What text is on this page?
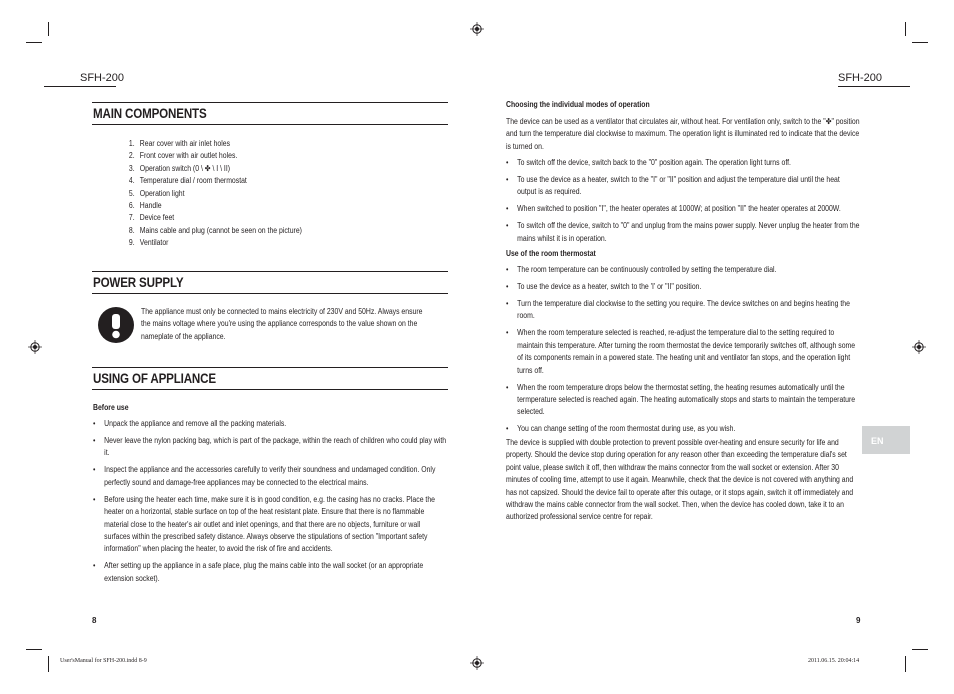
SFH-200	SFH-200
MAIN COMPONENTS
1. Rear cover with air inlet holes
2. Front cover with air outlet holes.
3. Operation switch (0 \ ✤ \ I \ II)
4. Temperature dial / room thermostat
5. Operation light
6. Handle
7. Device feet
8. Mains cable and plug (cannot be seen on the picture)
9. Ventilator
POWER SUPPLY
The appliance must only be connected to mains electricity of 230V and 50Hz. Always ensure the mains voltage where you're using the appliance corresponds to the value shown on the nameplate of the appliance.
USING OF APPLIANCE
Before use
• Unpack the appliance and remove all the packing materials.
• Never leave the nylon packing bag, which is part of the package, within the reach of children who could play with it.
• Inspect the appliance and the accessories carefully to verify their soundness and undamaged condition. Only perfectly sound and damage-free appliances may be connected to the electrical mains.
• Before using the heater each time, make sure it is in good condition, e.g. the casing has no cracks. Place the heater on a horizontal, stable surface on top of the heat resistant plate. Ensure that there is no flammable material close to the heater's air outlet and inlet openings, and that there are no objects, furniture or wall surfaces within the prescribed safety distance. Always observe the stipulations of section "Important safety information" when placing the heater, to avoid the risk of fire and accidents.
• After setting up the appliance in a safe place, plug the mains cable into the wall socket (or an appropriate extension socket).
8
Choosing the individual modes of operation
The device can be used as a ventilator that circulates air, without heat. For ventilation only, switch to the "✤" position and turn the temperature dial clockwise to maximum. The operation light is illuminated red to indicate that the device is turned on.
• To switch off the device, switch back to the "0" position again. The operation light turns off.
• To use the device as a heater, switch to the "I" or "II" position and adjust the temperature dial until the heat output is as required.
• When switched to position "I", the heater operates at 1000W; at position "II" the heater operates at 2000W.
• To switch off the device, switch to "0" and unplug from the mains power supply. Never unplug the heater from the mains whilst it is in operation.
Use of the room thermostat
• The room temperature can be continuously controlled by setting the temperature dial.
• To use the device as a heater, switch to the 'I' or "II" position.
• Turn the temperature dial clockwise to the setting you require. The device switches on and begins heating the room.
• When the room temperature selected is reached, re-adjust the temperature dial to the setting required to maintain this temperature. After turning the room thermostat the device temporarily switches off, although some of its components remain in a powered state. The heating unit and ventilator fan stops, and the operation light turns off.
• When the room temperature drops below the thermostat setting, the heating resumes automatically until the termperature selected is reached again. The heating automatically stops and starts to maintain the temperature selected.
• You can change setting of the room thermostat during use, as you wish.
The device is supplied with double protection to prevent possible over-heating and ensure security for life and property. Should the device stop during operation for any reason other than exceeding the temperature dial's set point value, please switch it off, then withdraw the mains connector from the wall socket or extension. After 30 minutes of cooling time, attempt to use it again. Meanwhile, check that the device is not covered with anything and has not capsized. Should the device fail to operate after this outage, or it stops again, switch it off immediately and withdraw the mains cable connector from the wall socket. Then, when the device has cooled down, take it to an authorized professional service centre for repair.
EN
9
User'sManual for SFH-200.indd 8-9	2011.06.15. 20:04:14
